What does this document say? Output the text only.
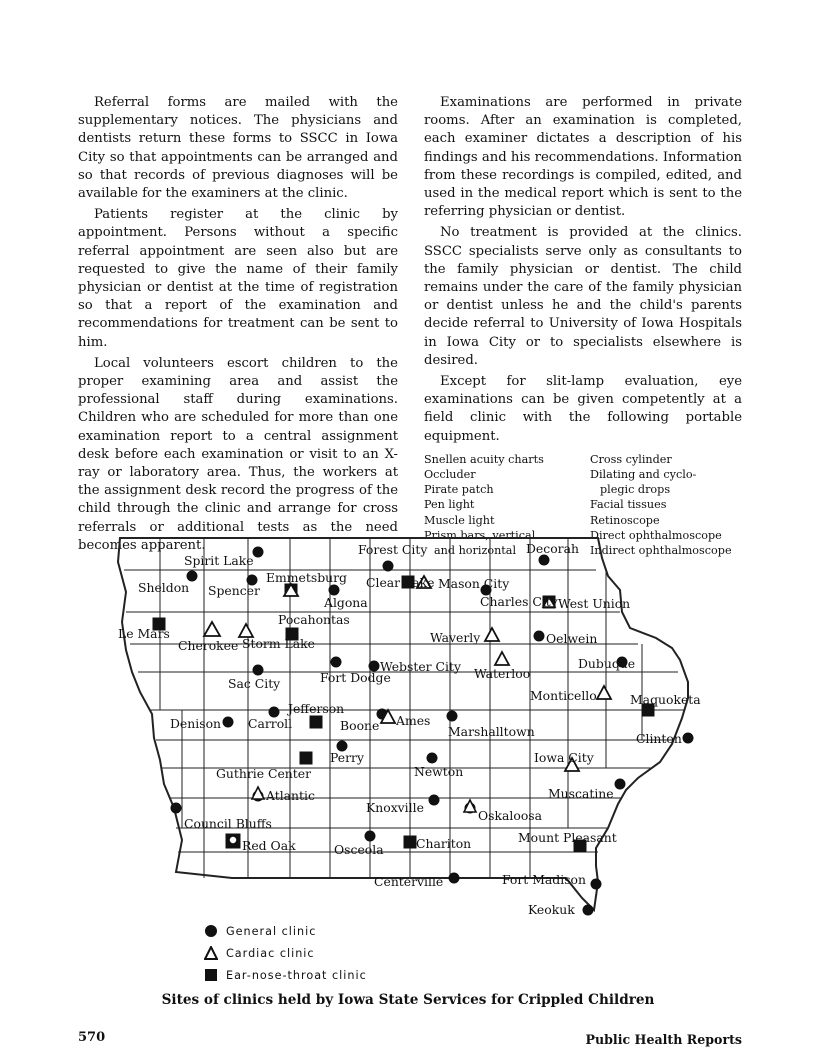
Referral forms are mailed with the supplementary notices. The physicians and dentists return these forms to SSCC in Iowa City so that appointments can be arranged and so that records of previous diagnoses will be available for the examiners at the clinic.

Patients register at the clinic by appointment. Persons without a specific referral appointment are seen also but are requested to give the name of their family physician or dentist at the time of registration so that a report of the examination and recommendations for treatment can be sent to him.

Local volunteers escort children to the proper examining area and assist the professional staff during examinations. Children who are scheduled for more than one examination report to a central assignment desk before each examination or visit to an X-ray or laboratory area. Thus, the workers at the assignment desk record the progress of the child through the clinic and arrange for cross referrals or additional tests as the need becomes apparent.

Examinations are performed in private rooms. After an examination is completed, each examiner dictates a description of his findings and his recommendations. Information from these recordings is compiled, edited, and used in the medical report which is sent to the referring physician or dentist.

No treatment is provided at the clinics. SSCC specialists serve only as consultants to the family physician or dentist. The child remains under the care of the family physician or dentist unless he and the child's parents decide referral to University of Iowa Hospitals in Iowa City or to specialists elsewhere is desired.

Except for slit-lamp evaluation, eye examinations can be given competently at a field clinic with the following portable equipment.

Snellen acuity charts
Occluder
Pirate patch
Pen light
Muscle light
Prism bars, vertical
and horizontal
Cross cylinder
Dilating and cyclo-
plegic drops
Facial tissues
Retinoscope
Direct ophthalmoscope
Indirect ophthalmoscope
Spirit Lake
Forest City	Decorah
Sheldon Spencer
Emmetsburg
Algona
Clear Lake Mason City
Charles City West Union
Le Mars
Cherokee Storm Lake
Pocahontas
Waverly	Oelwein
Sac City	Fort Dodge
Webster City Waterloo
Dubuque
Monticello	Maquoketa
Denison Carroll
Jefferson
Boone Ames
Marshalltown	Clinton
Perry
Guthrie Center	Newton
Iowa City
Atlantic	Muscatine
Council Bluffs
Knoxville
Oskaloosa
Red Oak	Osceola	Chariton	Mount Pleasant
Centerville	Fort Madison
Keokuk
General clinic
Cardiac clinic
Ear-nose-throat clinic
Sites of clinics held by Iowa State Services for Crippled Children
570	Public Health Reports
